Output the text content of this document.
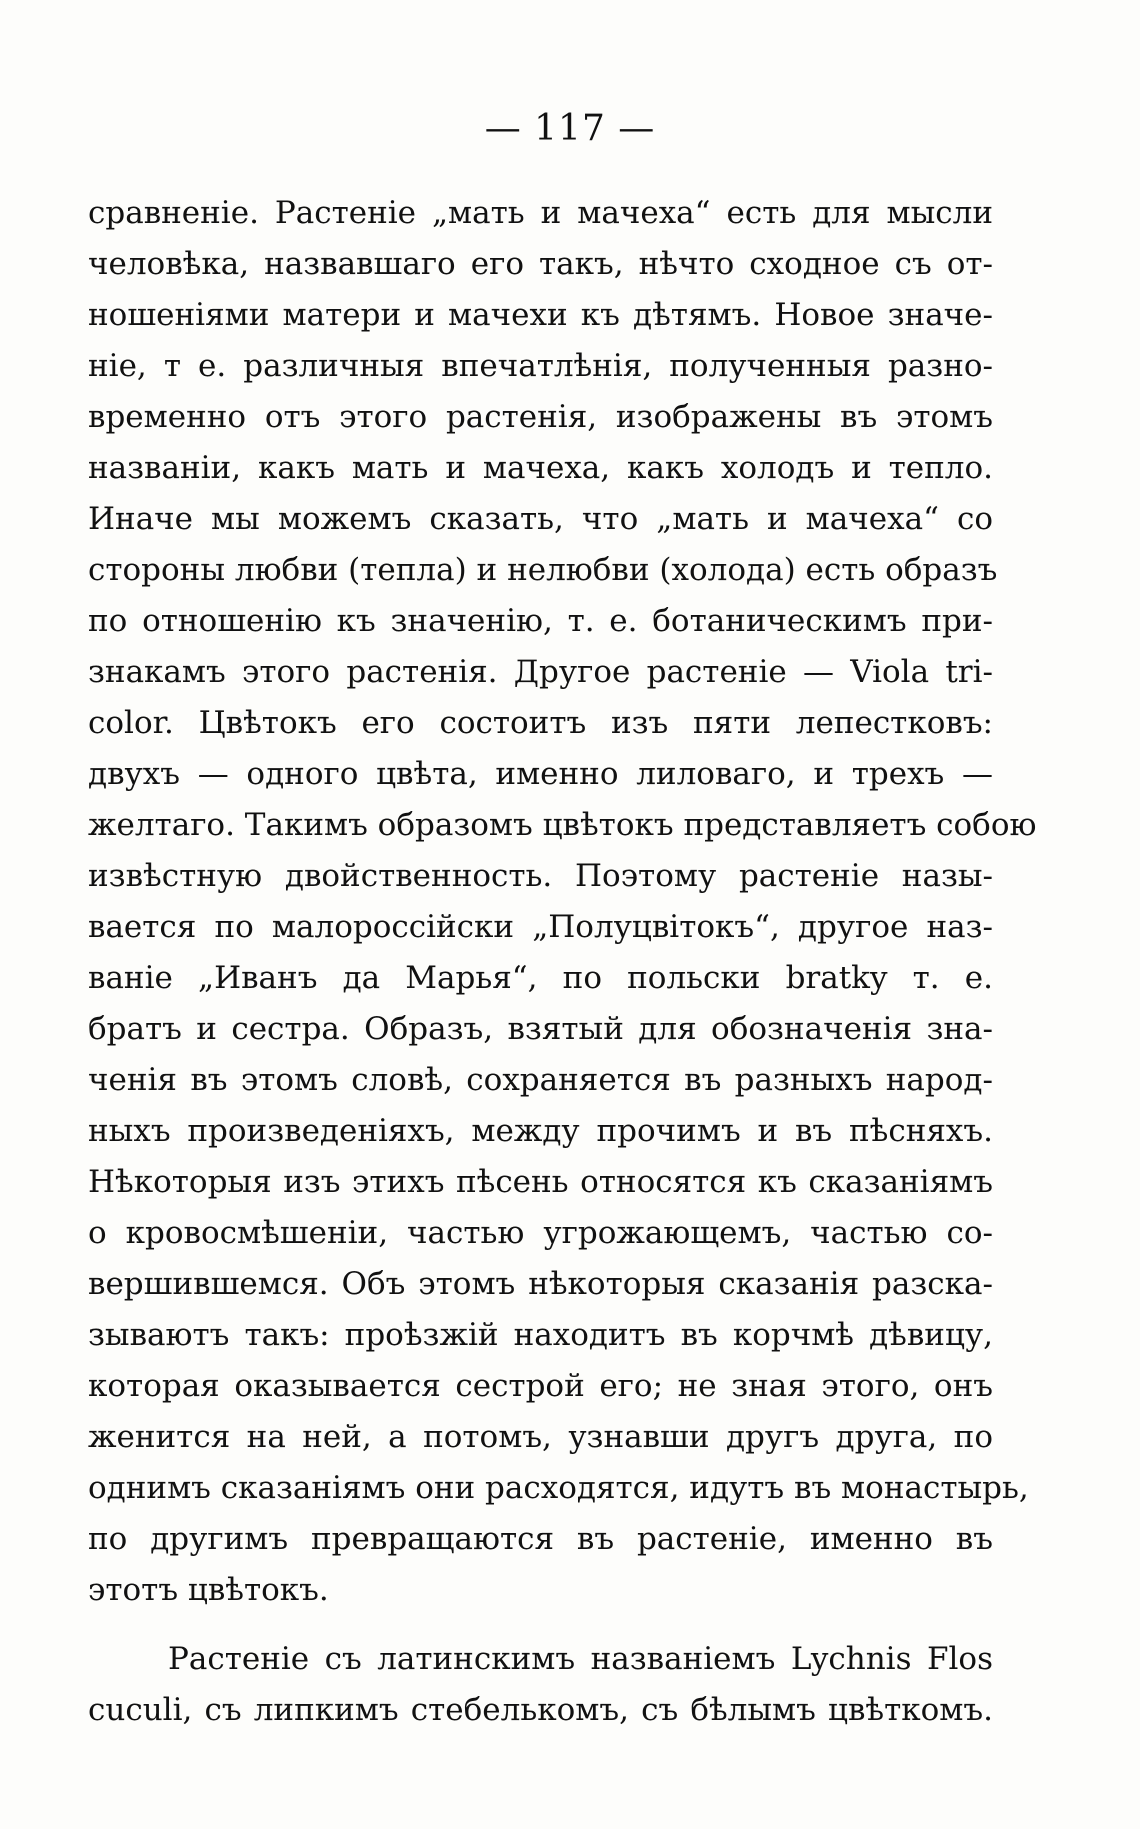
— 117 —
сравненіе. Растеніе „мать и мачеха“ есть для мысли
человѣка, назвавшаго его такъ, нѣчто сходное съ от-
ношеніями матери и мачехи къ дѣтямъ. Новое значе-
ніе, т е. различныя впечатлѣнія, полученныя разно-
временно отъ этого растенія, изображены въ этомъ
названіи, какъ мать и мачеха, какъ холодъ и тепло.
Иначе мы можемъ сказать, что „мать и мачеха“ со
стороны любви (тепла) и нелюбви (холода) есть образъ
по отношенію къ значенію, т. е. ботаническимъ при-
знакамъ этого растенія. Другое растеніе — Viola tri-
color. Цвѣтокъ его состоитъ изъ пяти лепестковъ:
двухъ — одного цвѣта, именно лиловаго, и трехъ —
желтаго. Такимъ образомъ цвѣтокъ представляетъ собою
извѣстную двойственность. Поэтому растеніе назы-
вается по малороссійски „Полуцвітокъ“, другое наз-
ваніе „Иванъ да Марья“, по польски bratky т. е.
братъ и сестра. Образъ, взятый для обозначенія зна-
ченія въ этомъ словѣ, сохраняется въ разныхъ народ-
ныхъ произведеніяхъ, между прочимъ и въ пѣсняхъ.
Нѣкоторыя изъ этихъ пѣсень относятся къ сказаніямъ
о кровосмѣшеніи, частью угрожающемъ, частью со-
вершившемся. Объ этомъ нѣкоторыя сказанія разска-
зываютъ такъ: проѣзжій находитъ въ корчмѣ дѣвицу,
которая оказывается сестрой его; не зная этого, онъ
женится на ней, а потомъ, узнавши другъ друга, по
однимъ сказаніямъ они расходятся, идутъ въ монастырь,
по другимъ превращаются въ растеніе, именно въ
этотъ цвѣтокъ.
Растеніе съ латинскимъ названіемъ Lychnis Flos
cuculi, съ липкимъ стебелькомъ, съ бѣлымъ цвѣткомъ.
